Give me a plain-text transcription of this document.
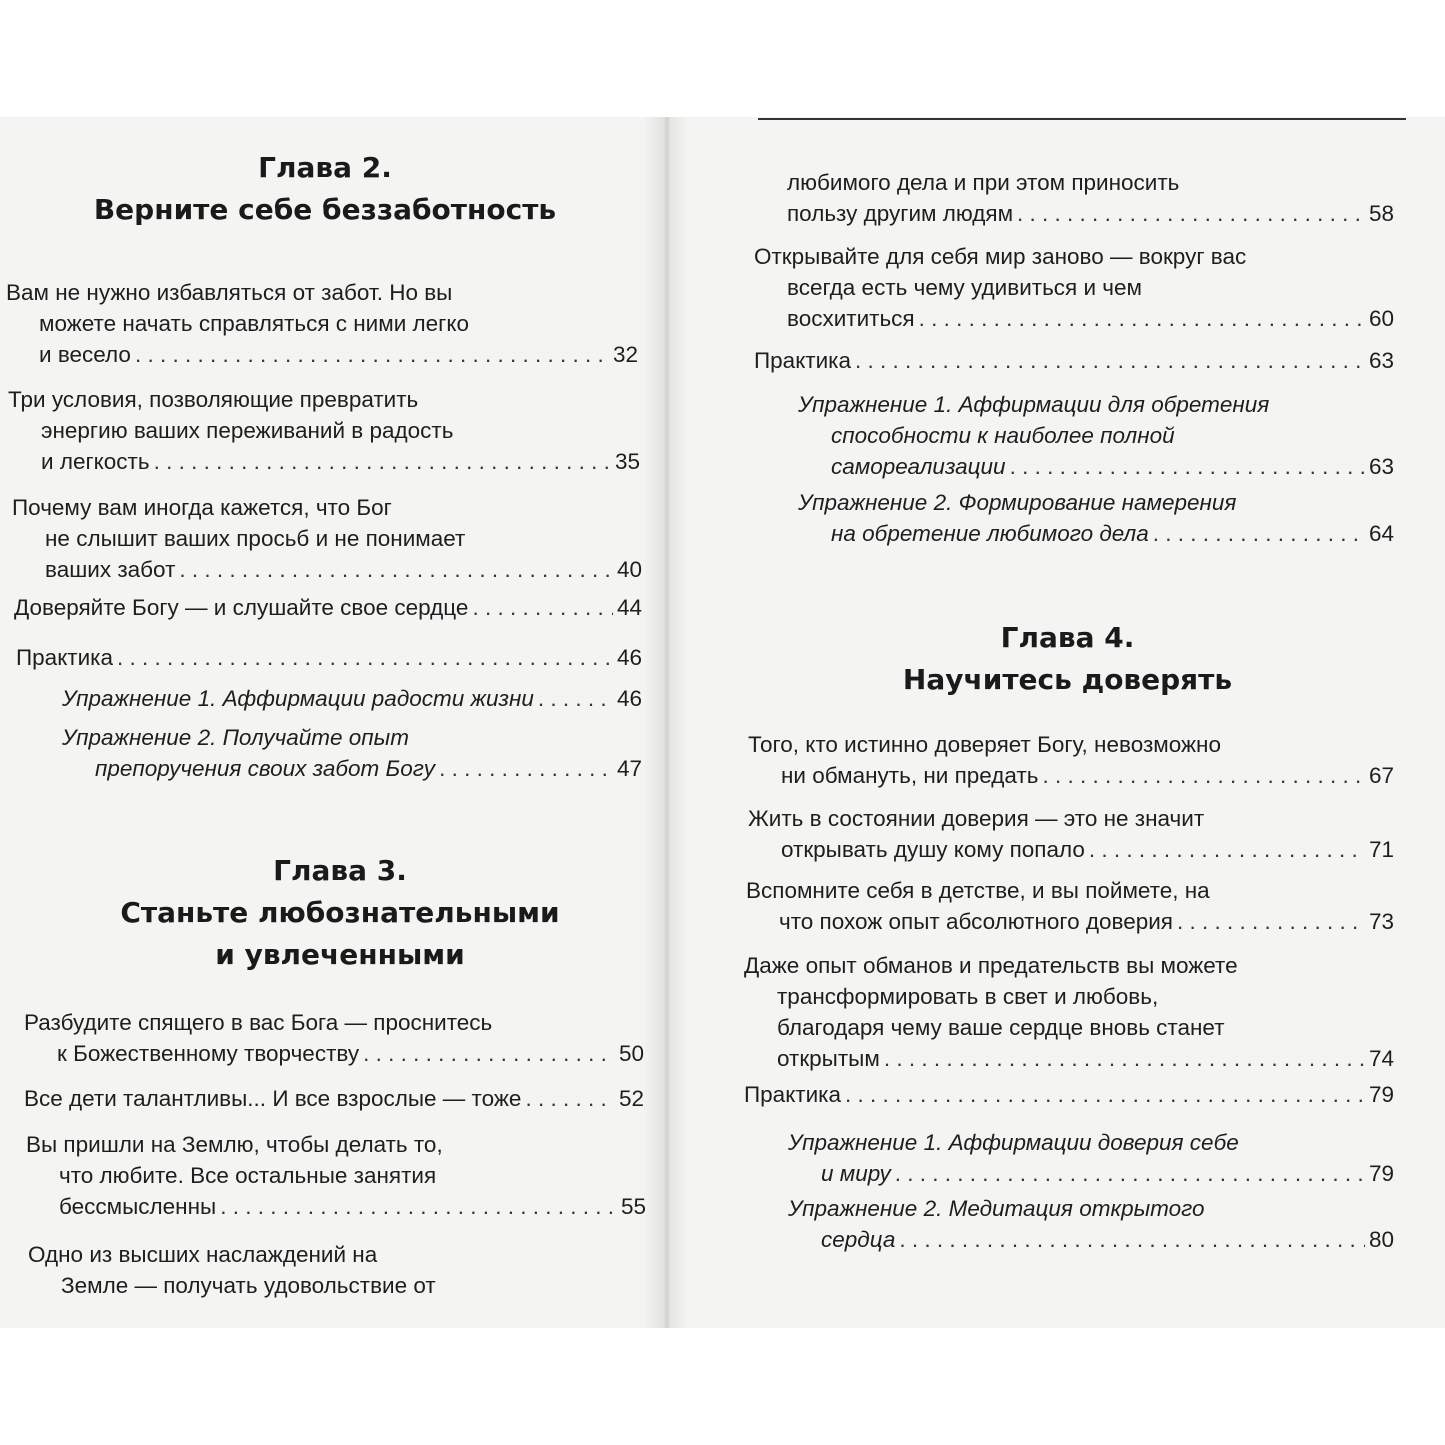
Глава 2.
Верните себе беззаботность
Вам не нужно избавляться от забот. Но вы
можете начать справляться с ними легко
и весело . . .	32
Три условия, позволяющие превратить
энергию ваших переживаний в радость
и легкость . . .	35
Почему вам иногда кажется, что Бог
не слышит ваших просьб и не понимает
ваших забот . . .	40
Доверяйте Богу — и слушайте свое сердце . . .	44
Практика . . .	46
Упражнение 1. Аффирмации радости жизни . . .	46
Упражнение 2. Получайте опыт
препоручения своих забот Богу . . .	47
Глава 3.
Станьте любознательными
и увлеченными
Разбудите спящего в вас Бога — проснитесь
к Божественному творчеству . . .	50
Все дети талантливы... И все взрослые — тоже . . .	52
Вы пришли на Землю, чтобы делать то,
что любите. Все остальные занятия
бессмысленны . . .	55
Одно из высших наслаждений на
Земле — получать удовольствие от
любимого дела и при этом приносить
пользу другим людям . . .	58
Открывайте для себя мир заново — вокруг вас
всегда есть чему удивиться и чем
восхититься . . .	60
Практика . . .	63
Упражнение 1. Аффирмации для обретения
способности к наиболее полной
самореализации . . .	63
Упражнение 2. Формирование намерения
на обретение любимого дела . . .	64
Глава 4.
Научитесь доверять
Того, кто истинно доверяет Богу, невозможно
ни обмануть, ни предать . . .	67
Жить в состоянии доверия — это не значит
открывать душу кому попало . . .	71
Вспомните себя в детстве, и вы поймете, на
что похож опыт абсолютного доверия . . .	73
Даже опыт обманов и предательств вы можете
трансформировать в свет и любовь,
благодаря чему ваше сердце вновь станет
открытым . . .	74
Практика . . .	79
Упражнение 1. Аффирмации доверия себе
и миру . . .	79
Упражнение 2. Медитация открытого
сердца . . .	80
